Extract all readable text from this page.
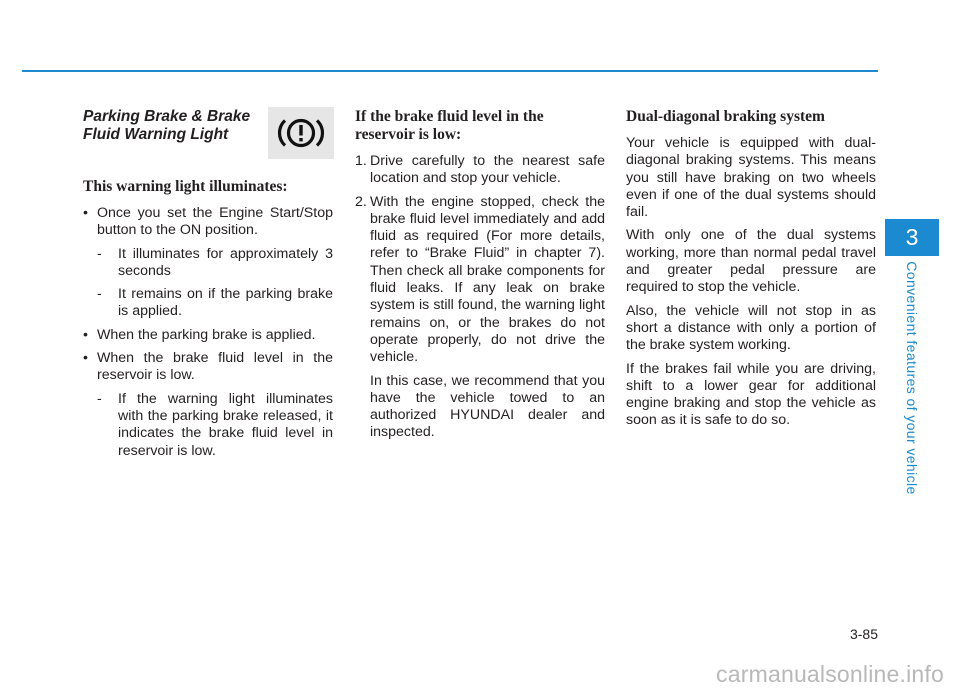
Parking Brake & Brake
Fluid Warning Light
This warning light illuminates:
• Once you set the Engine Start/Stop button to the ON position.
- It illuminates for approximately 3 seconds
- It remains on if the parking brake is applied.
• When the parking brake is applied.
• When the brake fluid level in the reservoir is low.
- If the warning light illuminates with the parking brake released, it indicates the brake fluid level in reservoir is low.
If the brake fluid level in the reservoir is low:
1. Drive carefully to the nearest safe location and stop your vehicle.
2. With the engine stopped, check the brake fluid level immediately and add fluid as required (For more details, refer to “Brake Fluid” in chapter 7). Then check all brake components for fluid leaks. If any leak on brake system is still found, the warning light remains on, or the brakes do not operate properly, do not drive the vehicle.
In this case, we recommend that you have the vehicle towed to an authorized HYUNDAI dealer and inspected.
Dual-diagonal braking system

Your vehicle is equipped with dual-diagonal braking systems. This means you still have braking on two wheels even if one of the dual systems should fail.

With only one of the dual systems working, more than normal pedal travel and greater pedal pressure are required to stop the vehicle.

Also, the vehicle will not stop in as short a distance with only a portion of the brake system working.

If the brakes fail while you are driving, shift to a lower gear for additional engine braking and stop the vehicle as soon as it is safe to do so.

3
Convenient features of your vehicle
3-85
carmanualsonline.info
